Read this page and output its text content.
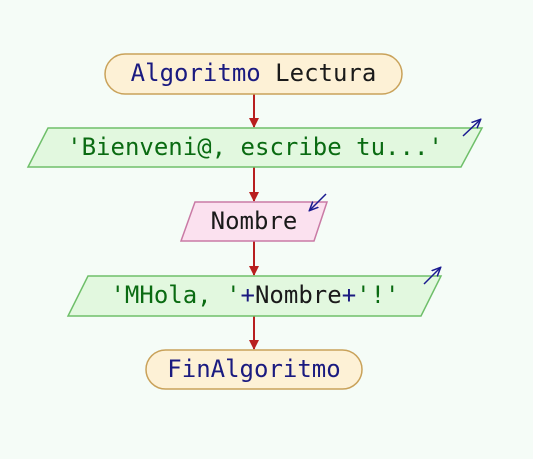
Algoritmo Lectura
'Bienveni@, escribe tu...'
Nombre
'MHola, '+Nombre+'!'
FinAlgoritmo
